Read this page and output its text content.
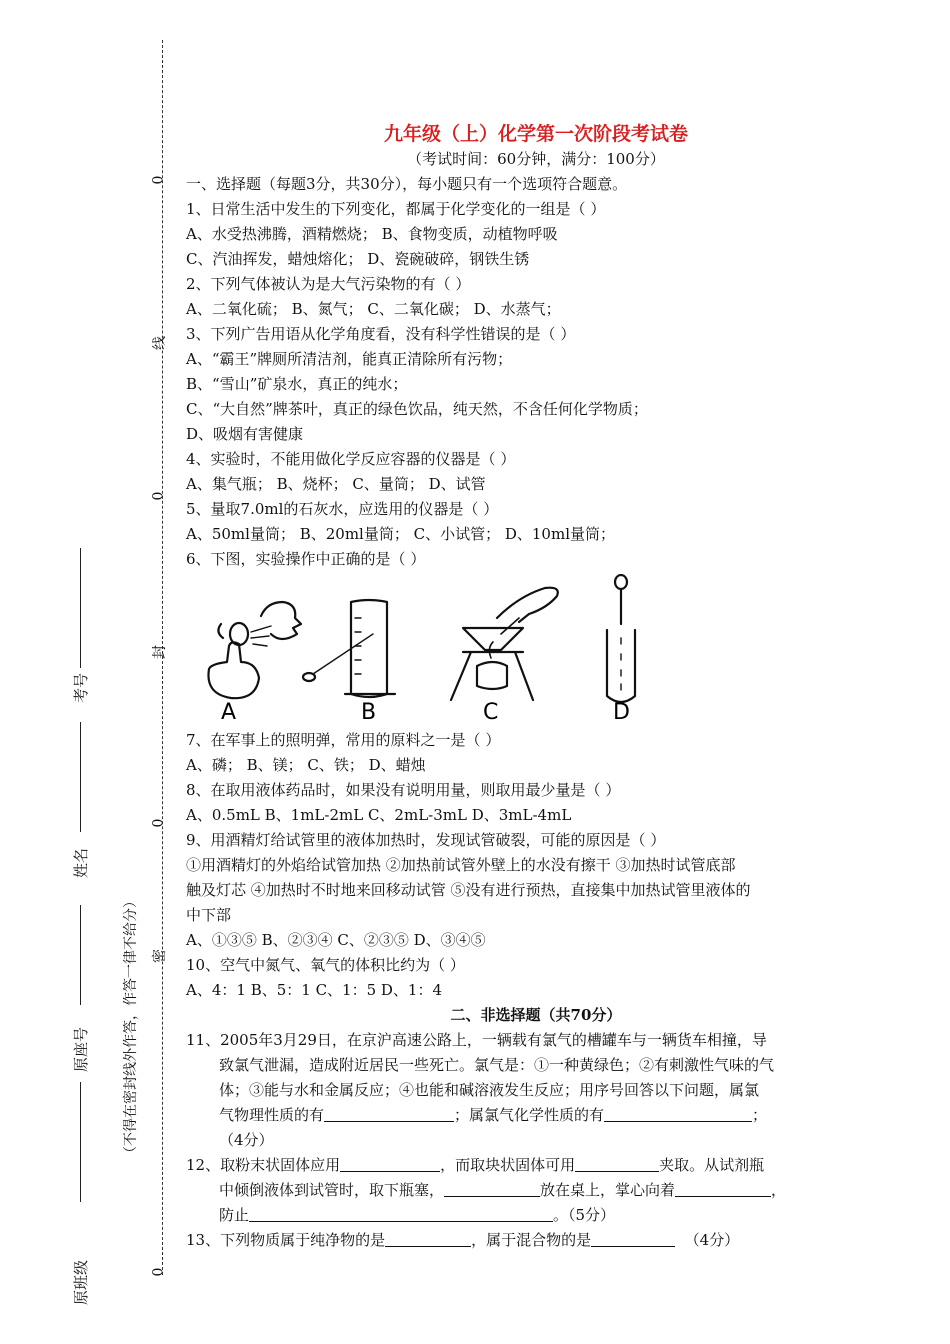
0
0
0
0
线
封
密
考号
姓名
原座号
原班级
（不得在密封线外作答，作答一律不给分）
九年级（上）化学第一次阶段考试卷
（考试时间：60分钟，满分：100分）
一、选择题（每题3分，共30分），每小题只有一个选项符合题意。
1、日常生活中发生的下列变化，都属于化学变化的一组是（ ）
A、水受热沸腾，酒精燃烧； B、食物变质，动植物呼吸
C、汽油挥发，蜡烛熔化； D、瓷碗破碎，钢铁生锈
2、下列气体被认为是大气污染物的有（ ）
A、二氧化硫； B、氮气； C、二氧化碳； D、水蒸气；
3、下列广告用语从化学角度看，没有科学性错误的是（ ）
A、“霸王”牌厕所清洁剂，能真正清除所有污物；
B、“雪山”矿泉水，真正的纯水；
C、“大自然”牌茶叶，真正的绿色饮品，纯天然，不含任何化学物质；
D、吸烟有害健康
4、实验时，不能用做化学反应容器的仪器是（ ）
A、集气瓶； B、烧杯； C、量筒； D、试管
5、量取7.0ml的石灰水，应选用的仪器是（ ）
A、50ml量筒； B、20ml量筒； C、小试管； D、10ml量筒；
6、下图，实验操作中正确的是（ ）
A	B	C	D
7、在军事上的照明弹，常用的原料之一是（ ）
A、磷； B、镁； C、铁； D、蜡烛
8、在取用液体药品时，如果没有说明用量，则取用最少量是（ ）
A、0.5mL B、1mL-2mL C、2mL-3mL D、3mL-4mL
9、用酒精灯给试管里的液体加热时，发现试管破裂，可能的原因是（ ）
①用酒精灯的外焰给试管加热 ②加热前试管外壁上的水没有擦干 ③加热时试管底部
触及灯芯 ④加热时不时地来回移动试管 ⑤没有进行预热，直接集中加热试管里液体的
中下部
A、①③⑤ B、②③④ C、②③⑤ D、③④⑤
10、空气中氮气、氧气的体积比约为（ ）
A、4：1 B、5：1 C、1：5 D、1：4
二、非选择题（共70分）
11、2005年3月29日，在京沪高速公路上，一辆载有氯气的槽罐车与一辆货车相撞，导
致氯气泄漏，造成附近居民一些死亡。氯气是：①一种黄绿色；②有刺激性气味的气
体；③能与水和金属反应；④也能和碱溶液发生反应；用序号回答以下问题，属氯
气物理性质的有	；属氯气化学性质的有	；
（4分）
12、取粉末状固体应用	，而取块状固体可用	夹取。从试剂瓶
中倾倒液体到试管时，取下瓶塞，	放在桌上，掌心向着	，
防止	。（5分）
13、下列物质属于纯净物的是	，属于混合物的是	（4分）
